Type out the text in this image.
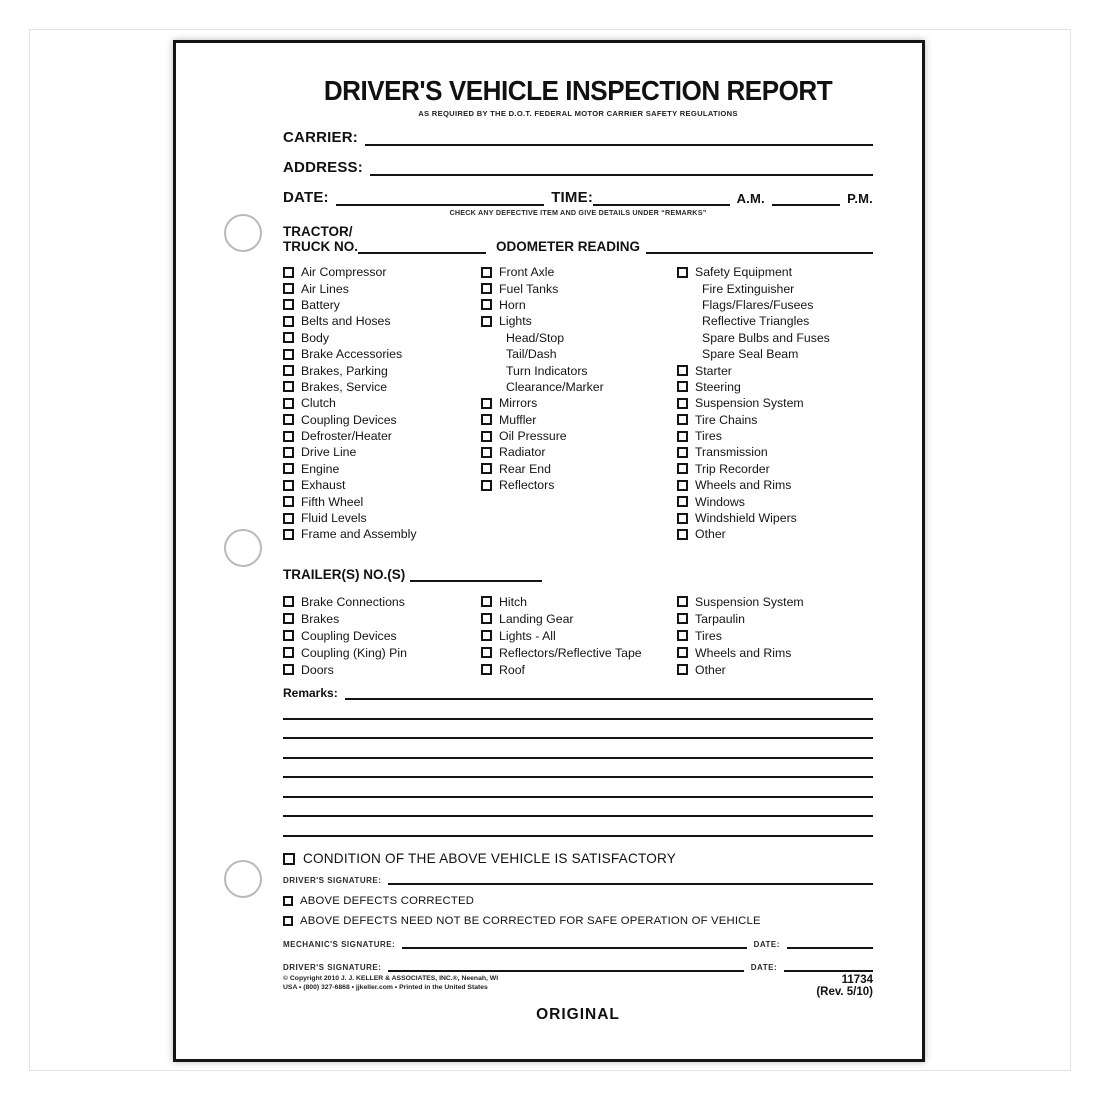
DRIVER'S VEHICLE INSPECTION REPORT
AS REQUIRED BY THE D.O.T. FEDERAL MOTOR CARRIER SAFETY REGULATIONS
CARRIER:
ADDRESS:
DATE:	TIME:	A.M.	P.M.
CHECK ANY DEFECTIVE ITEM AND GIVE DETAILS UNDER “REMARKS”
TRACTOR/
TRUCK NO.	ODOMETER READING
Air Compressor
Air Lines
Battery
Belts and Hoses
Body
Brake Accessories
Brakes, Parking
Brakes, Service
Clutch
Coupling Devices
Defroster/Heater
Drive Line
Engine
Exhaust
Fifth Wheel
Fluid Levels
Frame and Assembly
Front Axle
Fuel Tanks
Horn
Lights
Head/Stop
Tail/Dash
Turn Indicators
Clearance/Marker
Mirrors
Muffler
Oil Pressure
Radiator
Rear End
Reflectors
Safety Equipment
Fire Extinguisher
Flags/Flares/Fusees
Reflective Triangles
Spare Bulbs and Fuses
Spare Seal Beam
Starter
Steering
Suspension System
Tire Chains
Tires
Transmission
Trip Recorder
Wheels and Rims
Windows
Windshield Wipers
Other
TRAILER(S) NO.(S)
Brake Connections
Brakes
Coupling Devices
Coupling (King) Pin
Doors
Hitch
Landing Gear
Lights - All
Reflectors/Reflective Tape
Roof
Suspension System
Tarpaulin
Tires
Wheels and Rims
Other
Remarks:
CONDITION OF THE ABOVE VEHICLE IS SATISFACTORY
DRIVER'S SIGNATURE:
ABOVE DEFECTS CORRECTED
ABOVE DEFECTS NEED NOT BE CORRECTED FOR SAFE OPERATION OF VEHICLE
MECHANIC'S SIGNATURE:	DATE:
DRIVER'S SIGNATURE:	DATE:
© Copyright 2010 J. J. KELLER & ASSOCIATES, INC.®, Neenah, WI
USA • (800) 327-6868 • jjkeller.com • Printed in the United States
11734
(Rev. 5/10)
ORIGINAL
